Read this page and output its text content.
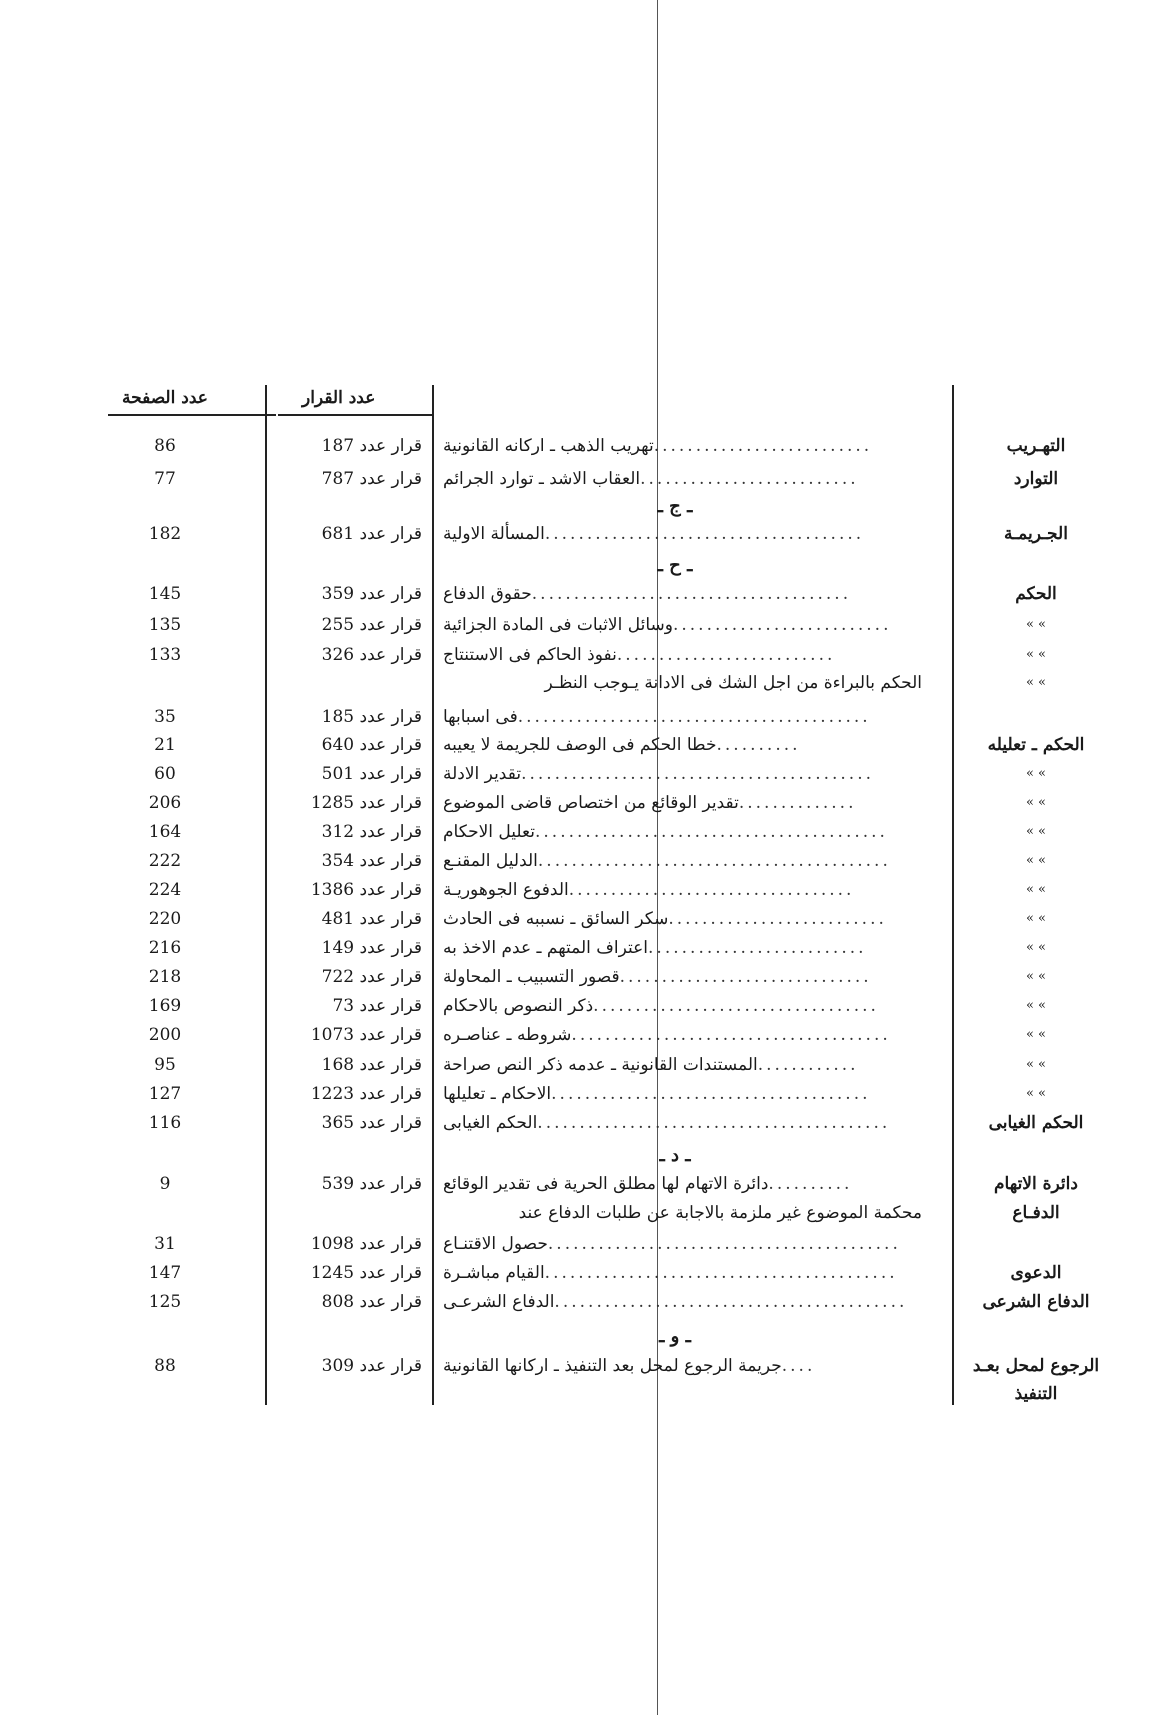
عدد الصفحة	عدد القرار
ـ ج ـ
ـ ح ـ
ـ د ـ
ـ و ـ
التهـريب
..........................
تهريب الذهب ـ اركانه القانونية
قرار عدد 187
86
التوارد
..........................
العقاب الاشد ـ توارد الجرائم
قرار عدد 787
77
الجـريمـة
......................................
المسألة الاولية
قرار عدد 681
182
الحكم
......................................
حقوق الدفاع
قرار عدد 359
145
» »
..........................
وسائل الاثبات فى المادة الجزائية
قرار عدد 255
135
» »
..........................
نفوذ الحاكم فى الاستنتاج
قرار عدد 326
133
» »
الحكم بالبراءة من اجل الشك فى الادانة يـوجب النظـر
..........................................
فى اسبابها
قرار عدد 185
35
الحكم ـ تعليله
..........
خطا الحكم فى الوصف للجريمة لا يعيبه
قرار عدد 640
21
» »
..........................................
تقدير الادلة
قرار عدد 501
60
» »
..............
تقدير الوقائع من اختصاص قاضى الموضوع
قرار عدد 1285
206
» »
..........................................
تعليل الاحكام
قرار عدد 312
164
» »
..........................................
الدليل المقنـع
قرار عدد 354
222
» »
..................................
الدفوع الجوهوريـة
قرار عدد 1386
224
» »
..........................
سكر السائق ـ نسببه فى الحادث
قرار عدد 481
220
» »
..........................
اعتراف المتهم ـ عدم الاخذ به
قرار عدد 149
216
» »
..............................
قصور التسبيب ـ المحاولة
قرار عدد 722
218
» »
..................................
ذكر النصوص بالاحكام
قرار عدد 73
169
» »
......................................
شروطه ـ عناصـره
قرار عدد 1073
200
» »
............
المستندات القانونية ـ عدمه ذكر النص صراحة
قرار عدد 168
95
» »
......................................
الاحكام ـ تعليلها
قرار عدد 1223
127
الحكم الغيابى
..........................................
الحكم الغيابى
قرار عدد 365
116
دائرة الاتهام
..........
دائرة الاتهام لها مطلق الحرية فى تقدير الوقائع
قرار عدد 539
9
الدفـاع
محكمة الموضوع غير ملزمة بالاجابة عن طلبات الدفاع عند
..........................................
حصول الاقتنـاع
قرار عدد 1098
31
الدعوى
..........................................
القيام مباشـرة
قرار عدد 1245
147
الدفاع الشرعى
..........................................
الدفاع الشرعـى
قرار عدد 808
125
الرجوع لمحل بعـد
....
جريمة الرجوع لمحل بعد التنفيذ ـ اركانها القانونية
قرار عدد 309
88
التنفيذ
